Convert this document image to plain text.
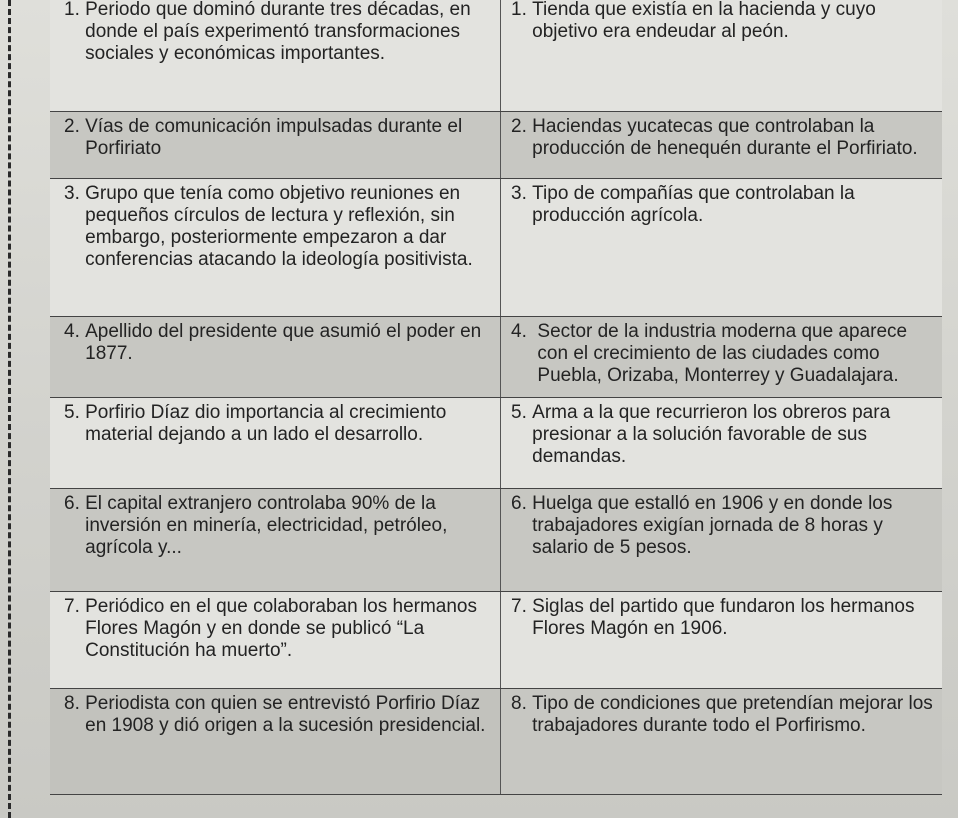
1. Periodo que dominó durante tres décadas, en donde el país experimentó transformaciones sociales y económicas importantes.	1. Tienda que existía en la hacienda y cuyo objetivo era endeudar al peón.

2. Vías de comunicación impulsadas durante el Porfiriato	2. Haciendas yucatecas que controlaban la producción de henequén durante el Porfiriato.

3. Grupo que tenía como objetivo reuniones en pequeños círculos de lectura y reflexión, sin embargo, posteriormente empezaron a dar conferencias atacando la ideología positivista.	3. Tipo de compañías que controlaban la producción agrícola.

4. Apellido del presidente que asumió el poder en 1877.	4. Sector de la industria moderna que aparece con el crecimiento de las ciudades como Puebla, Orizaba, Monterrey y Guadalajara.

5. Porfirio Díaz dio importancia al crecimiento material dejando a un lado el desarrollo.	5. Arma a la que recurrieron los obreros para presionar a la solución favorable de sus demandas.

6. El capital extranjero controlaba 90% de la inversión en minería, electricidad, petróleo, agrícola y...	6. Huelga que estalló en 1906 y en donde los trabajadores exigían jornada de 8 horas y salario de 5 pesos.

7. Periódico en el que colaboraban los hermanos Flores Magón y en donde se publicó “La Constitución ha muerto”.	7. Siglas del partido que fundaron los hermanos Flores Magón en 1906.

8. Periodista con quien se entrevistó Porfirio Díaz en 1908 y dió origen a la sucesión presidencial.	8. Tipo de condiciones que pretendían mejorar los trabajadores durante todo el Porfirismo.
